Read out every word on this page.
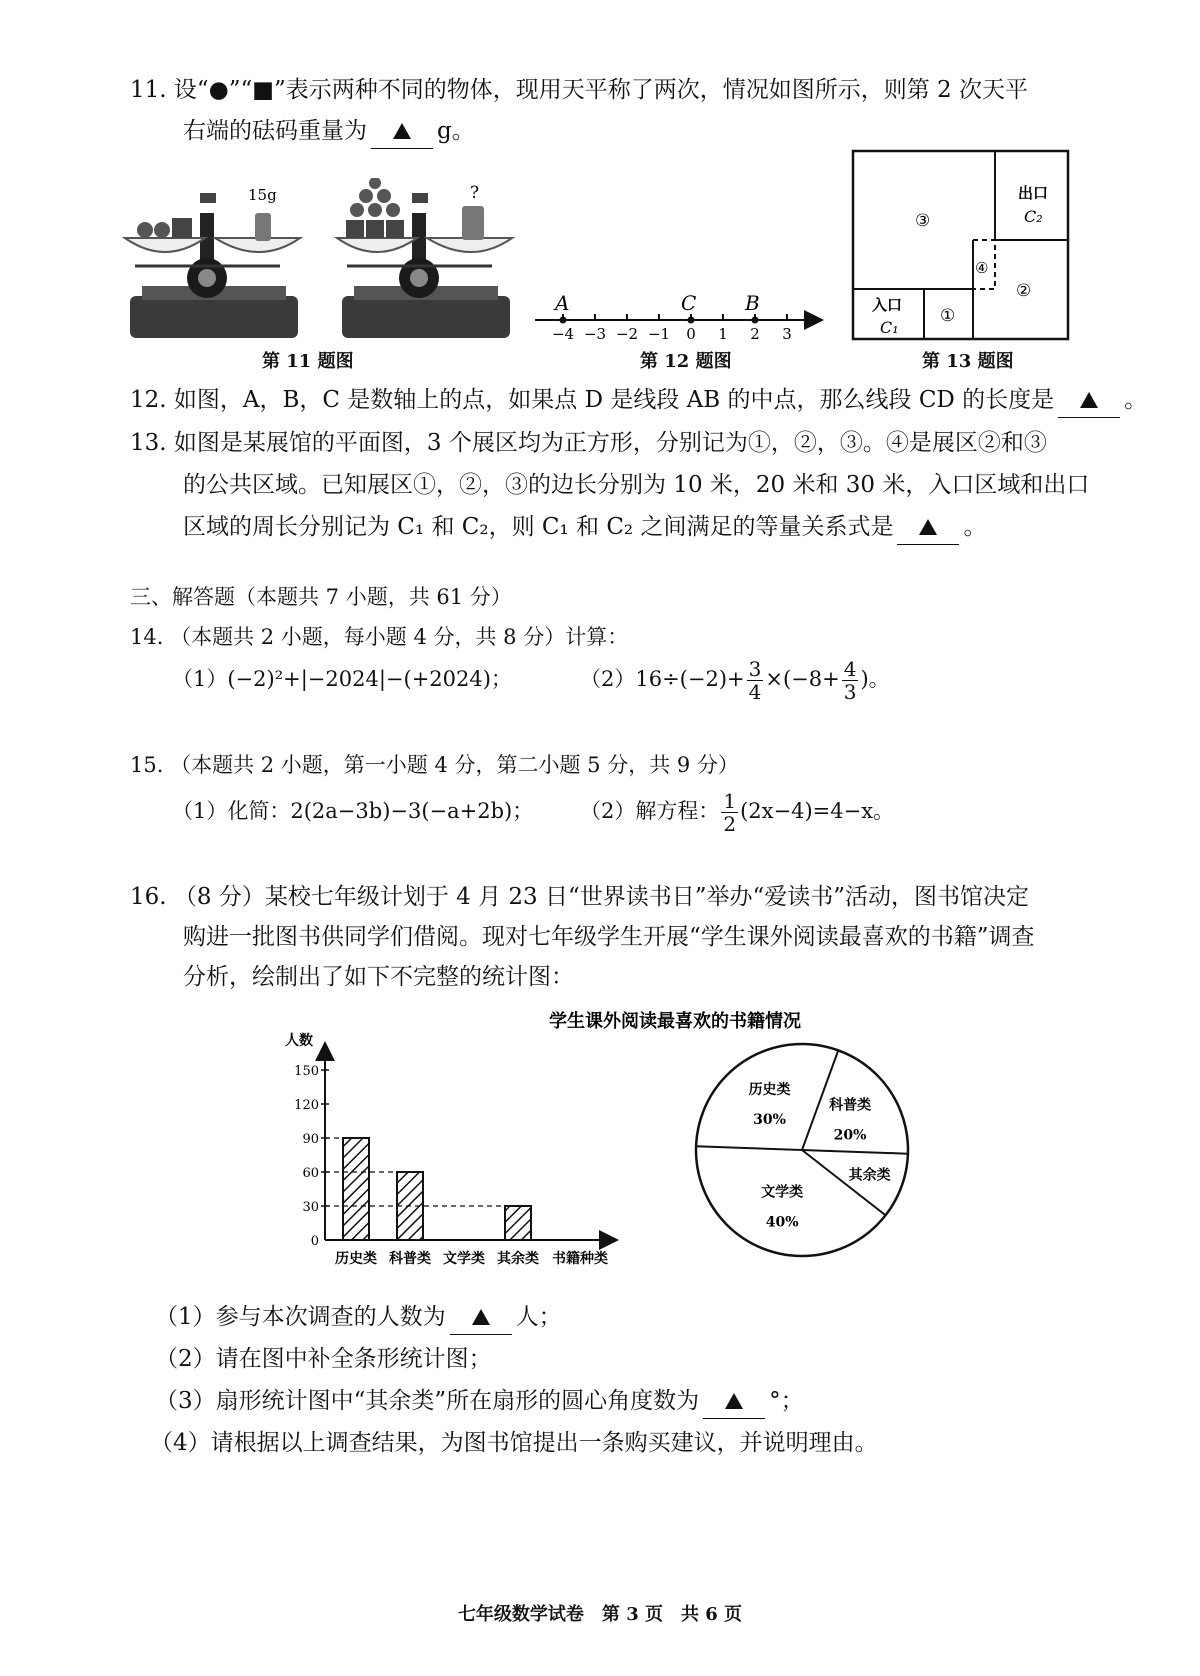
11. 设“●”“■”表示两种不同的物体，现用天平称了两次，情况如图所示，则第 2 次天平
右端的砝码重量为	g。
15g	?
第 11 题图
−4 −3 −2 −1 0 1 2 3
A	C B
第 12 题图
③
出口
C₂
④
②
入口
C₁
①
第 13 题图
12. 如图，A，B，C 是数轴上的点，如果点 D 是线段 AB 的中点，那么线段 CD 的长度是	。
13. 如图是某展馆的平面图，3 个展区均为正方形，分别记为①，②，③。④是展区②和③
的公共区域。已知展区①，②，③的边长分别为 10 米，20 米和 30 米，入口区域和出口
区域的周长分别记为 C₁ 和 C₂，则 C₁ 和 C₂ 之间满足的等量关系式是	。
三、解答题（本题共 7 小题，共 61 分）
14. （本题共 2 小题，每小题 4 分，共 8 分）计算：
（1）(−2)²+|−2024|−(+2024)；	$(2)16\div(-2)+ \frac{3}{4} \times(-8+ \frac{4}{3}$ )。
15. （本题共 2 小题，第一小题 4 分，第二小题 5 分，共 9 分）
（1）化简：2(2a−3b)−3(−a+2b)； （2）解方程： $\frac{1}{2} (2x-4)=4-x$。
16. （8 分）某校七年级计划于 4 月 23 日“世界读书日”举办“爱读书”活动，图书馆决定
购进一批图书供同学们借阅。现对七年级学生开展“学生课外阅读最喜欢的书籍”调查
分析，绘制出了如下不完整的统计图：
学生课外阅读最喜欢的书籍情况
人数
书籍种类
0
30
60
90
120
150
历史类 科普类 文学类 其余类
科普类
20%
其余类
文学类
40%
历史类
30%
（1）参与本次调查的人数为	人；
（2）请在图中补全条形统计图；
（3）扇形统计图中“其余类”所在扇形的圆心角度数为	°；
（4）请根据以上调查结果，为图书馆提出一条购买建议，并说明理由。
七年级数学试卷　第 3 页　共 6 页
